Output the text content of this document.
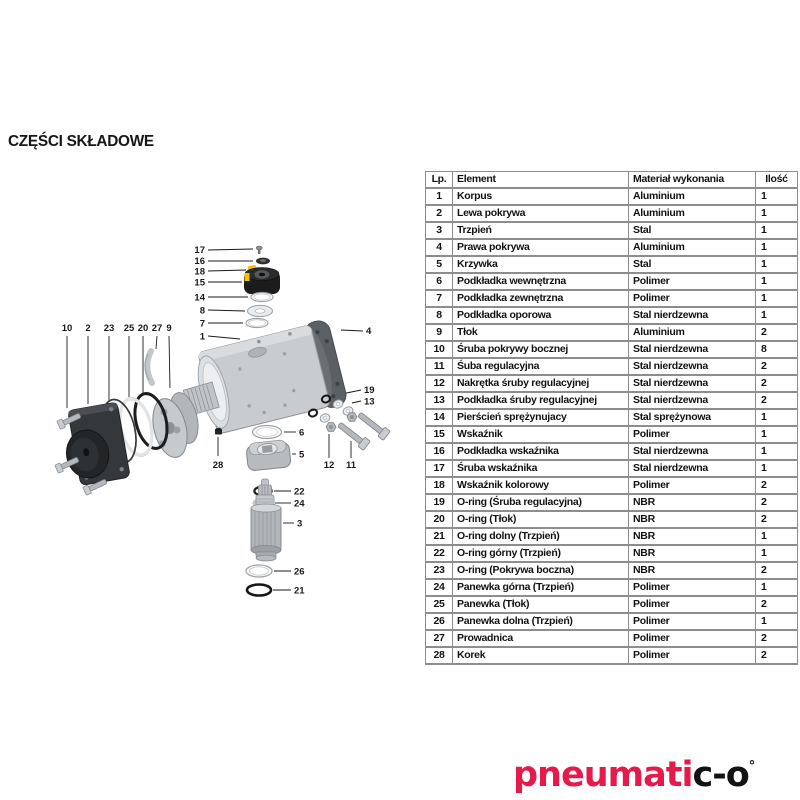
CZĘŚCI SKŁADOWE
17
16
18
15
14
8
7
1
10 2 23 25 20 27 9	4
19
13
12 11
28
6
5
22
24
3
26
21
Lp.	Element	Materiał wykonania	Ilość
1	Korpus	Aluminium	1
2	Lewa pokrywa	Aluminium	1
3	Trzpień	Stal	1
4	Prawa pokrywa	Aluminium	1
5	Krzywka	Stal	1
6	Podkładka wewnętrzna	Polimer	1
7	Podkładka zewnętrzna	Polimer	1
8	Podkładka oporowa	Stal nierdzewna	1
9	Tłok	Aluminium	2
10	Śruba pokrywy bocznej	Stal nierdzewna	8
11	Śuba regulacyjna	Stal nierdzewna	2
12	Nakrętka śruby regulacyjnej	Stal nierdzewna	2
13	Podkładka śruby regulacyjnej	Stal nierdzewna	2
14	Pierścień sprężynujacy	Stal sprężynowa	1
15	Wskaźnik	Polimer	1
16	Podkładka wskaźnika	Stal nierdzewna	1
17	Śruba wskaźnika	Stal nierdzewna	1
18	Wskaźnik kolorowy	Polimer	2
19	O-ring (Śruba regulacyjna)	NBR	2
20	O-ring (Tłok)	NBR	2
21	O-ring dolny (Trzpień)	NBR	1
22	O-ring górny (Trzpień)	NBR	1
23	O-ring (Pokrywa boczna)	NBR	2
24	Panewka górna (Trzpień)	Polimer	1
25	Panewka (Tłok)	Polimer	2
26	Panewka dolna (Trzpień)	Polimer	1
27	Prowadnica	Polimer	2
28	Korek	Polimer	2
pneumatic-o°
